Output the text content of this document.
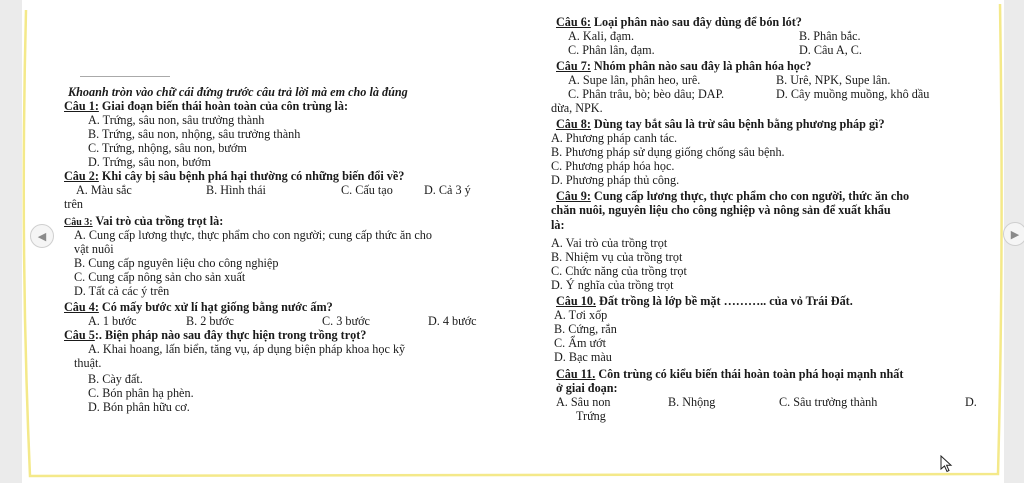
Khoanh tròn vào chữ cái đứng trước câu trả lời mà em cho là đúng
Câu 1: Giai đoạn biến thái hoàn toàn của côn trùng là:
A. Trứng, sâu non, sâu trưởng thành
B. Trứng, sâu non, nhộng, sâu trưởng thành
C. Trứng, nhộng, sâu non, bướm
D. Trứng, sâu non, bướm
Câu 2: Khi cây bị sâu bệnh phá hại thường có những biến đổi về?
A. Màu sắc	B. Hình thái	C. Cấu tạo	D. Cả 3 ý
trên
Câu 3: Vai trò của trồng trọt là:
A. Cung cấp lương thực, thực phẩm cho con người; cung cấp thức ăn cho
vật nuôi
B. Cung cấp nguyên liệu cho công nghiệp
C. Cung cấp nông sản cho sản xuất
D. Tất cả các ý trên
Câu 4: Có mấy bước xử lí hạt giống bằng nước ấm?
A. 1 bước	B. 2 bước	C. 3 bước	D. 4 bước
Câu 5:. Biện pháp nào sau đây thực hiện trong trồng trọt?
A. Khai hoang, lấn biển, tăng vụ, áp dụng biện pháp khoa học kỹ
thuật.
B. Cày đất.
C. Bón phân hạ phèn.
D. Bón phân hữu cơ.
Câu 6: Loại phân nào sau đây dùng để bón lót?
A. Kali, đạm.	B. Phân bắc.
C. Phân lân, đạm.	D. Câu A, C.
Câu 7: Nhóm phân nào sau đây là phân hóa học?
A. Supe lân, phân heo, urê.	B. Urê, NPK, Supe lân.
C. Phân trâu, bò; bèo dâu; DAP.	D. Cây muồng muồng, khô dầu
dừa, NPK.
Câu 8: Dùng tay bắt sâu là trừ sâu bệnh bằng phương pháp gì?
A. Phương pháp canh tác.
B. Phương pháp sử dụng giống chống sâu bệnh.
C. Phương pháp hóa học.
D. Phương pháp thủ công.
Câu 9: Cung cấp lương thực, thực phẩm cho con người, thức ăn cho
chăn nuôi, nguyên liệu cho công nghiệp và nông sản để xuất khẩu
là:
A. Vai trò của trồng trọt
B. Nhiệm vụ của trồng trọt
C. Chức năng của trồng trọt
D. Ý nghĩa của trồng trọt
Câu 10. Đất trồng là lớp bề mặt ……….. của vỏ Trái Đất.
A. Tơi xốp
B. Cứng, rắn
C. Ẩm ướt
D. Bạc màu
Câu 11. Côn trùng có kiểu biến thái hoàn toàn phá hoại mạnh nhất
ở giai đoạn:
A. Sâu non	B. Nhộng	C. Sâu trưởng thành	D.
Trứng
◀	▶
